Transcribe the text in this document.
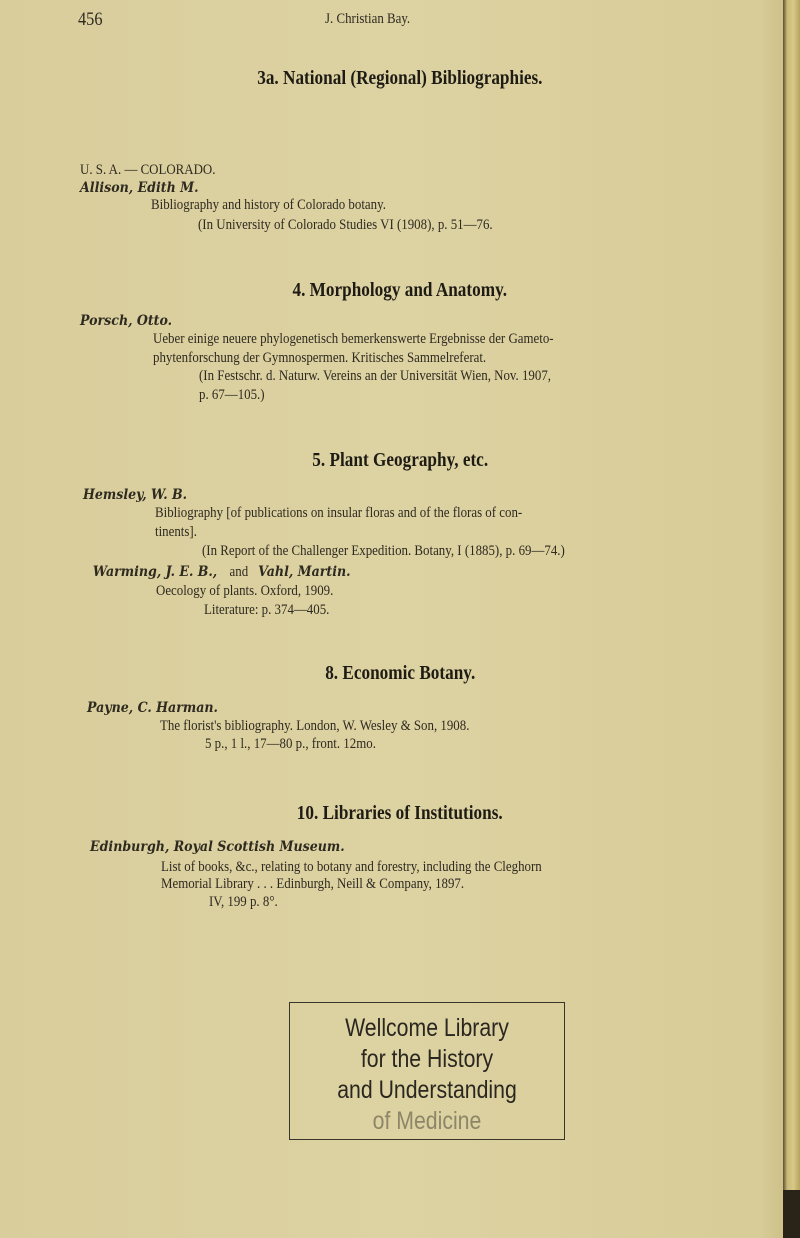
456	J. Christian Bay.
3a. National (Regional) Bibliographies.
U. S. A. — COLORADO.
Allison, Edith M.
Bibliography and history of Colorado botany.
(In University of Colorado Studies VI (1908), p. 51—76.
4. Morphology and Anatomy.
Porsch, Otto.
Ueber einige neuere phylogenetisch bemerkenswerte Ergebnisse der Gameto-
phytenforschung der Gymnospermen. Kritisches Sammelreferat.
(In Festschr. d. Naturw. Vereins an der Universität Wien, Nov. 1907,
p. 67—105.)
5. Plant Geography, etc.
Hemsley, W. B.
Bibliography [of publications on insular floras and of the floras of con-
tinents].
(In Report of the Challenger Expedition. Botany, I (1885), p. 69—74.)
Warming, J. E. B., and Vahl, Martin.
Oecology of plants. Oxford, 1909.
Literature: p. 374—405.
8. Economic Botany.
Payne, C. Harman.
The florist's bibliography. London, W. Wesley & Son, 1908.
5 p., 1 l., 17—80 p., front. 12mo.
10. Libraries of Institutions.
Edinburgh, Royal Scottish Museum.
List of books, &c., relating to botany and forestry, including the Cleghorn
Memorial Library . . . Edinburgh, Neill & Company, 1897.
IV, 199 p. 8°.
Wellcome Library
for the History
and Understanding
of Medicine
